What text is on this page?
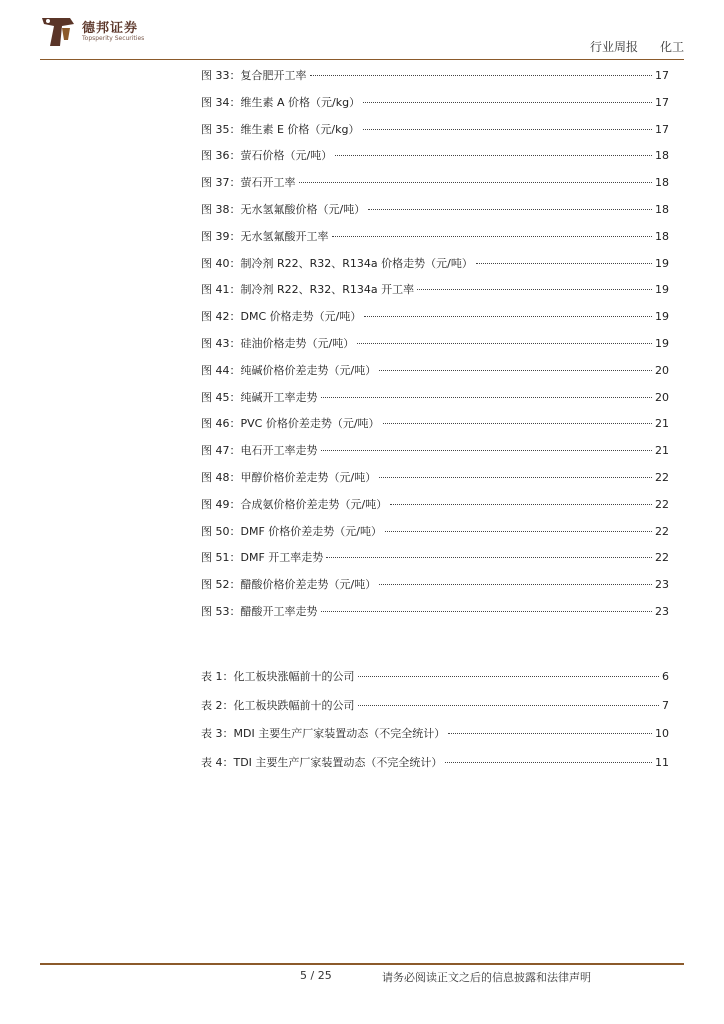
德邦证券
Topsperity Securities
行业周报 化工
图 33：复合肥开工率	17
图 34：维生素 A 价格（元/kg）	17
图 35：维生素 E 价格（元/kg）	17
图 36：萤石价格（元/吨）	18
图 37：萤石开工率	18
图 38：无水氢氟酸价格（元/吨）	18
图 39：无水氢氟酸开工率	18
图 40：制冷剂 R22、R32、R134a 价格走势（元/吨）	19
图 41：制冷剂 R22、R32、R134a 开工率	19
图 42：DMC 价格走势（元/吨）	19
图 43：硅油价格走势（元/吨）	19
图 44：纯碱价格价差走势（元/吨）	20
图 45：纯碱开工率走势	20
图 46：PVC 价格价差走势（元/吨）	21
图 47：电石开工率走势	21
图 48：甲醇价格价差走势（元/吨）	22
图 49：合成氨价格价差走势（元/吨）	22
图 50：DMF 价格价差走势（元/吨）	22
图 51：DMF 开工率走势	22
图 52：醋酸价格价差走势（元/吨）	23
图 53：醋酸开工率走势	23
表 1：化工板块涨幅前十的公司	6
表 2：化工板块跌幅前十的公司	7
表 3：MDI 主要生产厂家装置动态（不完全统计）	10
表 4：TDI 主要生产厂家装置动态（不完全统计）	11
5 / 25	请务必阅读正文之后的信息披露和法律声明
